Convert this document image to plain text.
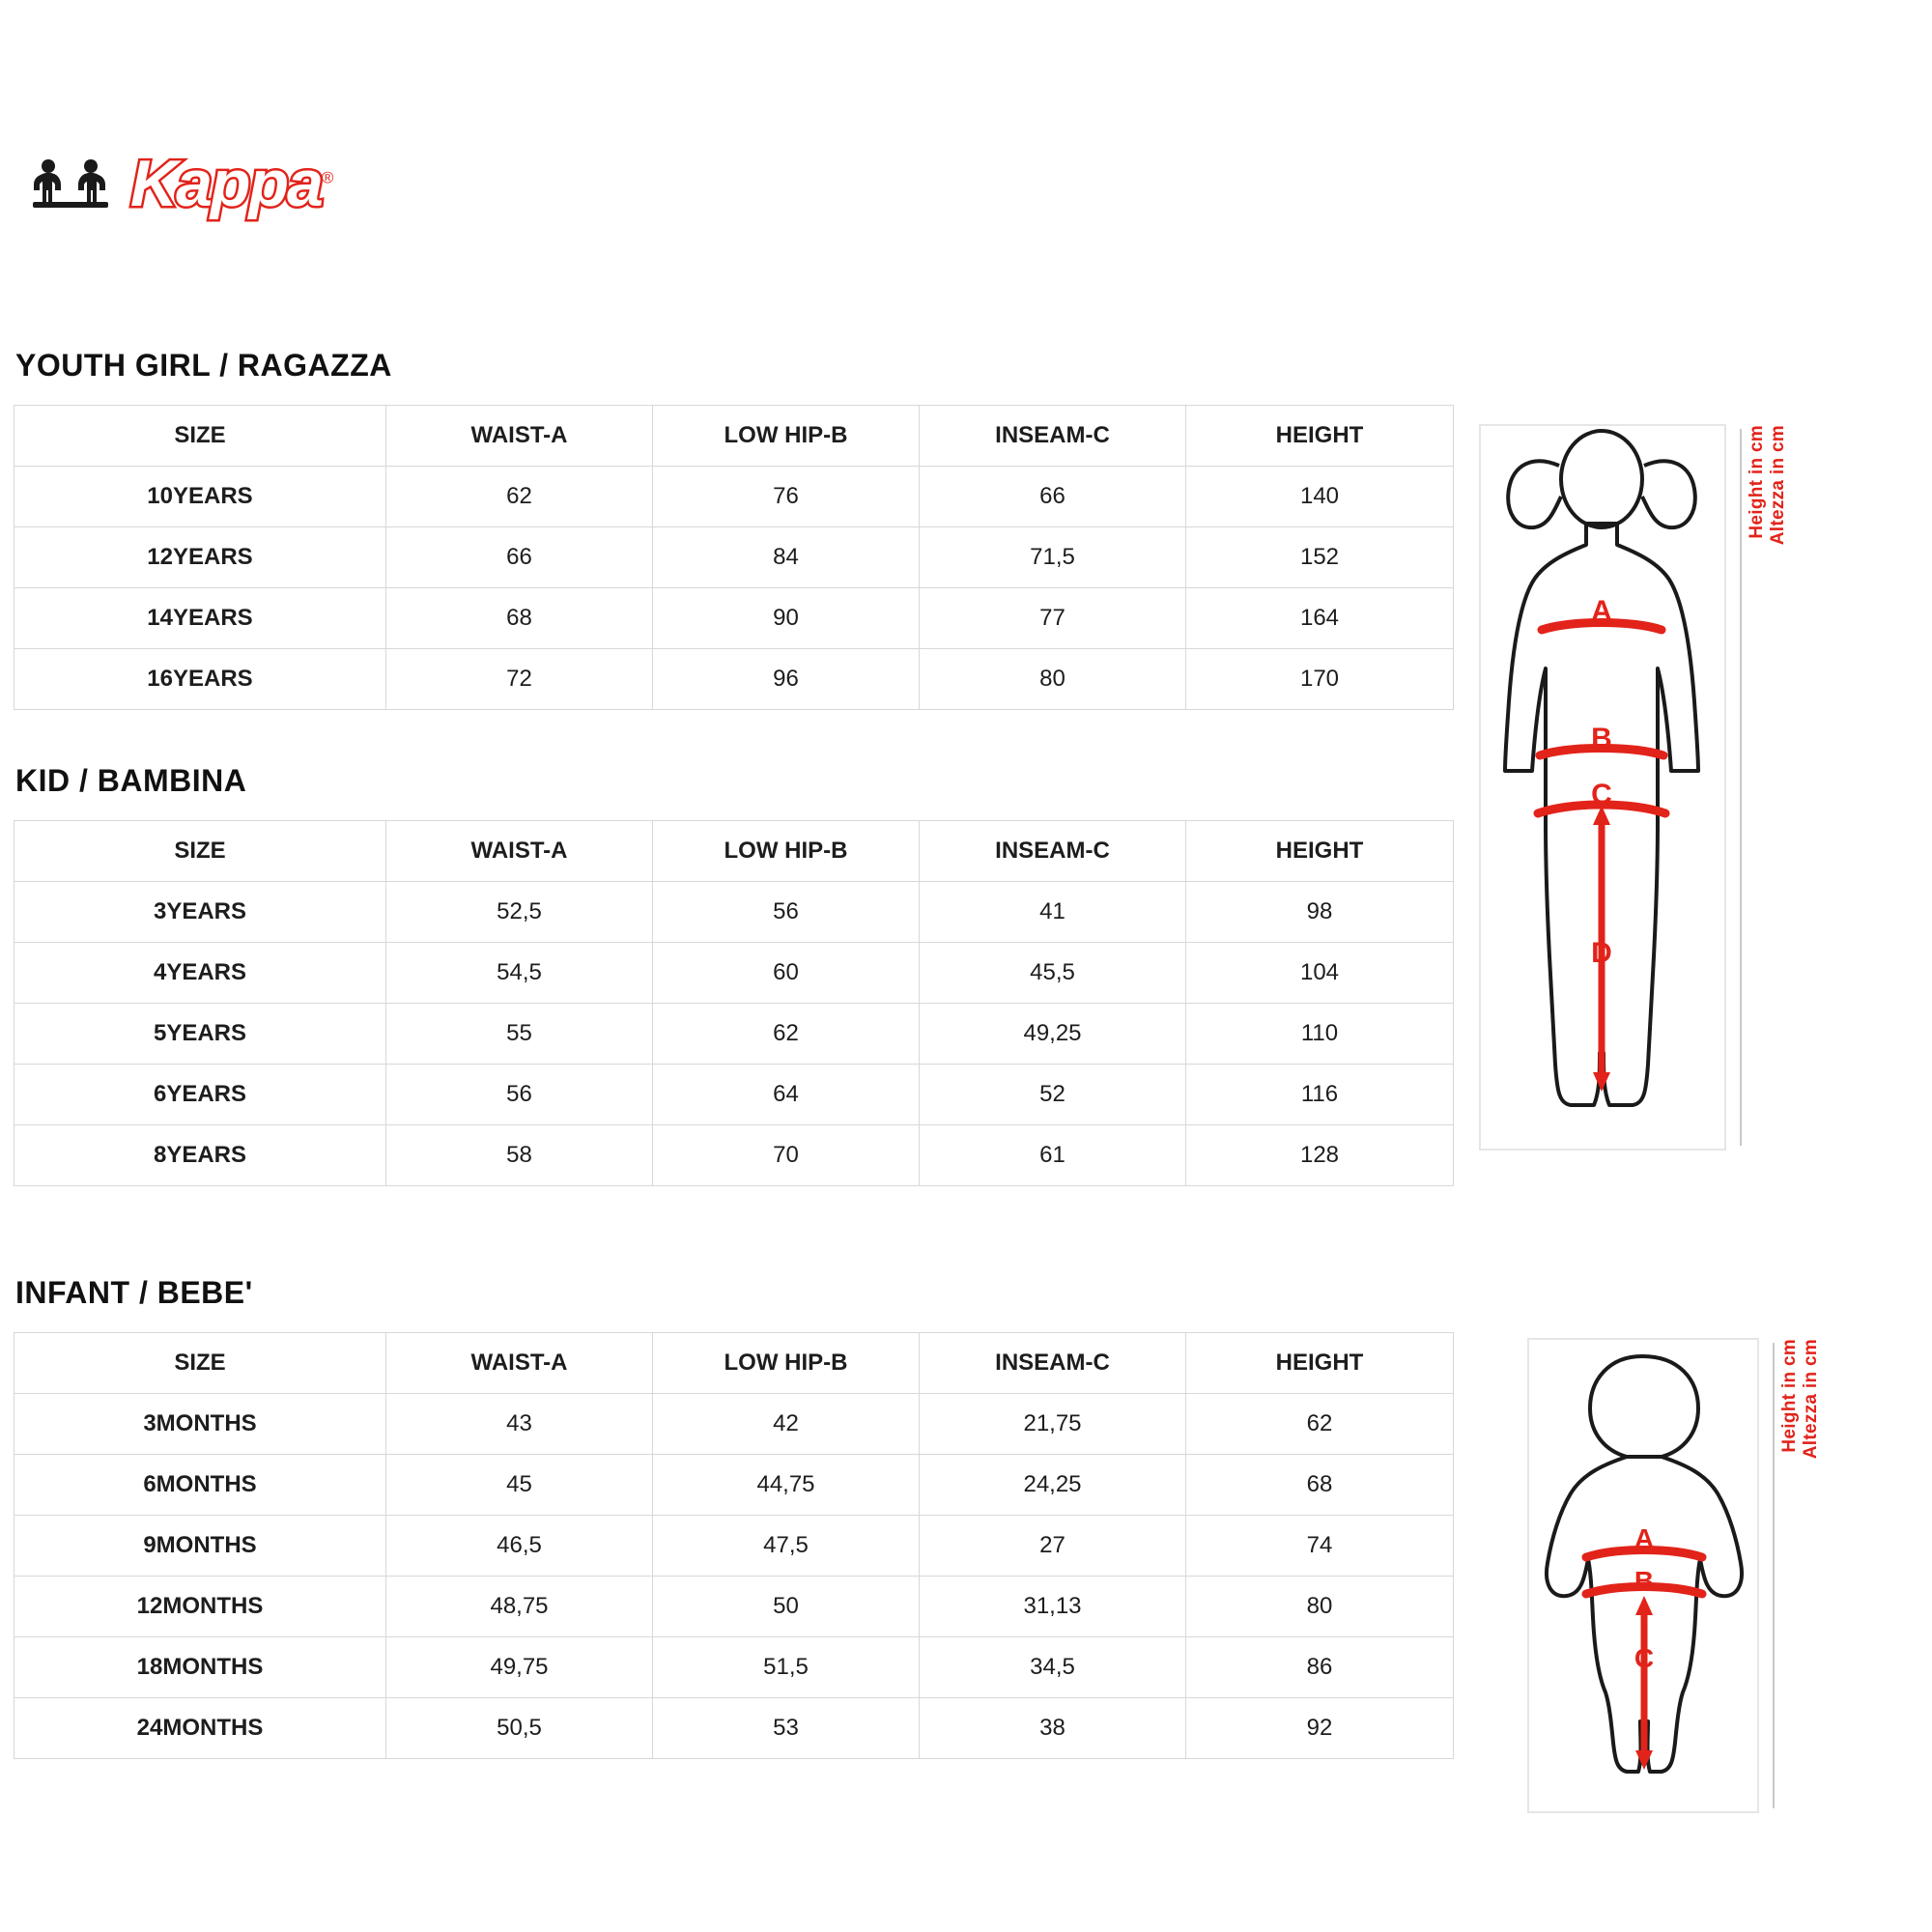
Kappa®
YOUTH GIRL / RAGAZZA
SIZE	WAIST-A	LOW HIP-B	INSEAM-C	HEIGHT
10YEARS	62	76	66	140
12YEARS	66	84	71,5	152
14YEARS	68	90	77	164
16YEARS	72	96	80	170
KID / BAMBINA
SIZE	WAIST-A	LOW HIP-B	INSEAM-C	HEIGHT
3YEARS	52,5	56	41	98
4YEARS	54,5	60	45,5	104
5YEARS	55	62	49,25	110
6YEARS	56	64	52	116
8YEARS	58	70	61	128
INFANT / BEBE'
SIZE	WAIST-A	LOW HIP-B	INSEAM-C	HEIGHT
3MONTHS	43	42	21,75	62
6MONTHS	45	44,75	24,25	68
9MONTHS	46,5	47,5	27	74
12MONTHS	48,75	50	31,13	80
18MONTHS	49,75	51,5	34,5	86
24MONTHS	50,5	53	38	92
A
B
C
D
Height in cm Altezza in cm
A
B
C
Height in cm Altezza in cm
